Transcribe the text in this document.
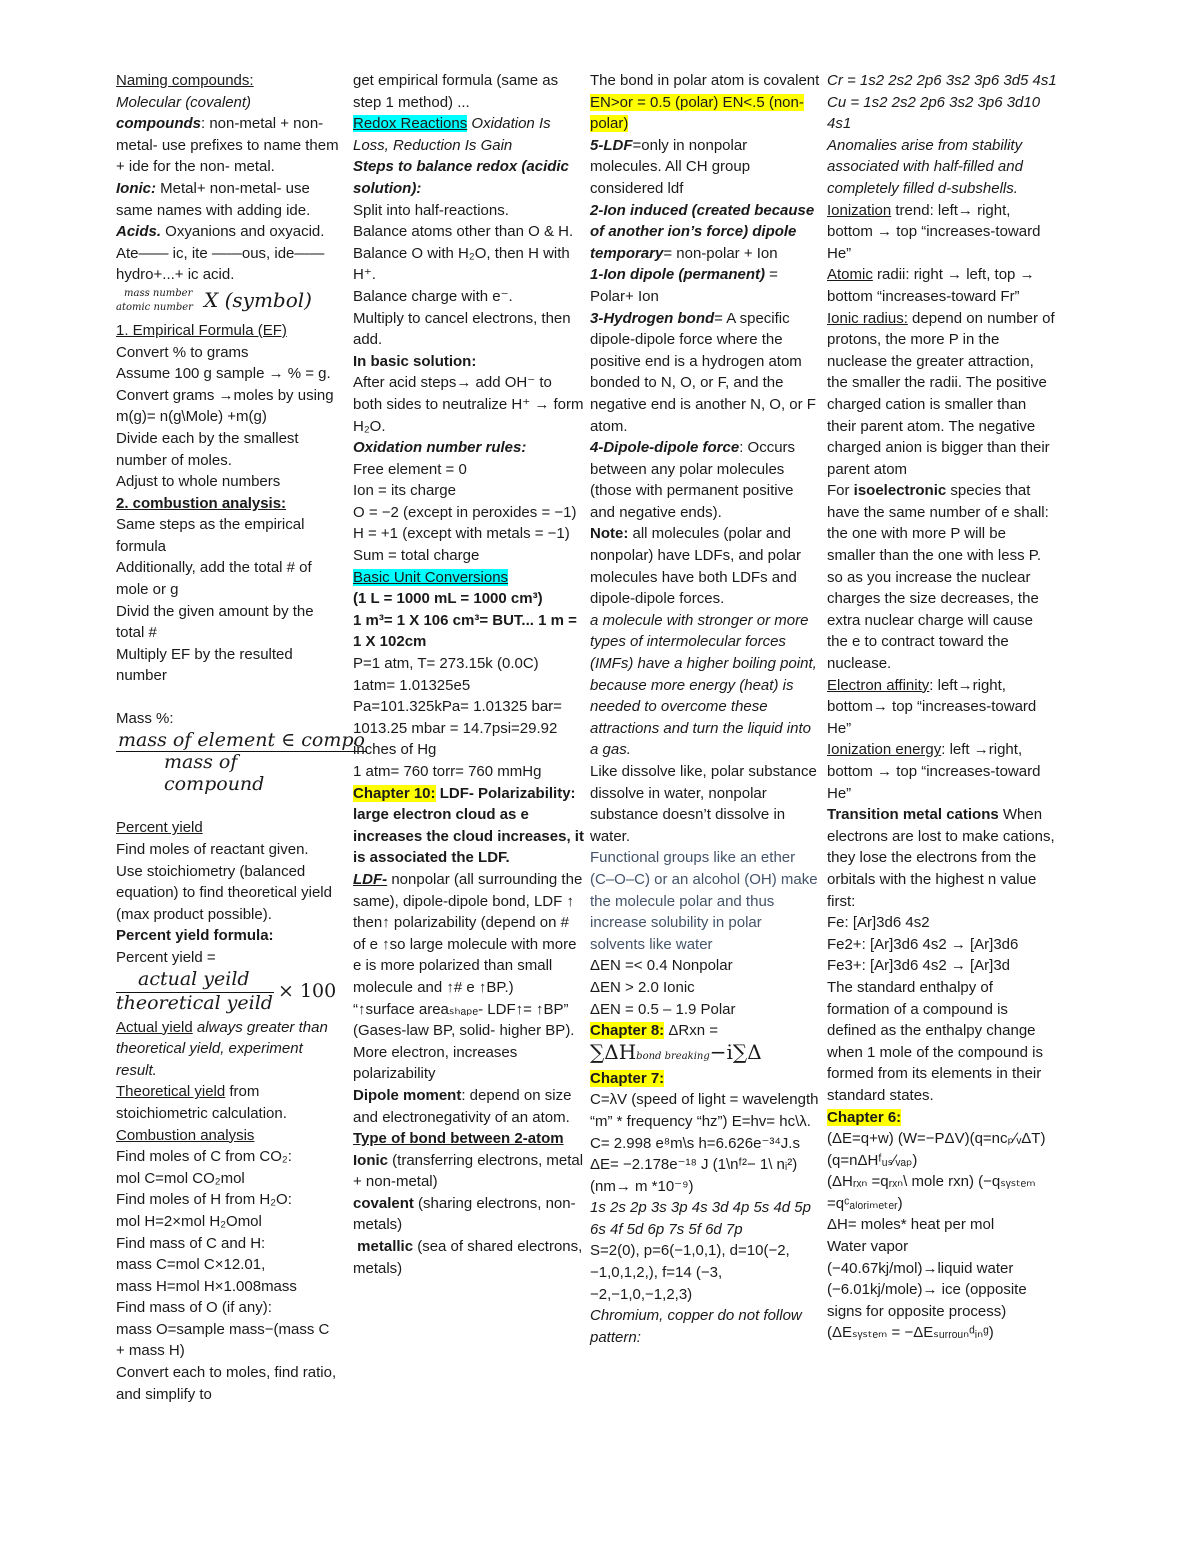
Naming compounds:

Molecular (covalent)

compounds: non-metal + non-metal- use prefixes to name them + ide for the non- metal.

Ionic: Metal+ non-metal- use same names with adding ide.

Acids. Oxyanions and oxyacid. Ate—— ic, ite ——ous, ide—— hydro+...+ ic acid.

mass number
atomic number X (symbol)

1. Empirical Formula (EF)

Convert % to grams

Assume 100 g sample → % = g.

Convert grams →moles by using m(g)= n(g\Mole) +m(g)

Divide each by the smallest number of moles.

Adjust to whole numbers

2. combustion analysis:

Same steps as the empirical formula

Additionally, add the total # of mole or g

Divid the given amount by the total #

Multiply EF by the resulted number

Mass %:

mass of element ∈ compo
mass of compound

Percent yield

Find moles of reactant given.

Use stoichiometry (balanced equation) to find theoretical yield (max product possible).

Percent yield formula:

Percent yield =

actual yeild
theoretical yeild
× 100

Actual yield always greater than theoretical yield, experiment result.

Theoretical yield from stoichiometric calculation.

Combustion analysis

Find moles of C from CO₂:

mol C=mol CO₂mol

Find moles of H from H₂O:

mol H=2×mol H₂Omol

Find mass of C and H:

mass C=mol C×12.01,

mass H=mol H×1.008mass

Find mass of O (if any):

mass O=sample mass−(mass C + mass H)

Convert each to moles, find ratio, and simplify to

get empirical formula (same as step 1 method) ...

Redox Reactions Oxidation Is Loss, Reduction Is Gain

Steps to balance redox (acidic solution):

Split into half-reactions.

Balance atoms other than O & H.

Balance O with H₂O, then H with H⁺.

Balance charge with e⁻.

Multiply to cancel electrons, then add.

In basic solution:

After acid steps→ add OH⁻ to both sides to neutralize H⁺ → form H₂O.

Oxidation number rules:

Free element = 0

Ion = its charge

O = −2 (except in peroxides = −1)

H = +1 (except with metals = −1)

Sum = total charge

Basic Unit Conversions

(1 L = 1000 mL = 1000 cm³)

1 m³= 1 X 106 cm³= BUT... 1 m = 1 X 102cm

P=1 atm, T= 273.15k (0.0C)

1atm= 1.01325e5 Pa=101.325kPa= 1.01325 bar= 1013.25 mbar = 14.7psi=29.92 inches of Hg

1 atm= 760 torr= 760 mmHg

Chapter 10: LDF- Polarizability: large electron cloud as e increases the cloud increases, it is associated the LDF.

LDF- nonpolar (all surrounding the same), dipole-dipole bond, LDF ↑ then↑ polarizability (depend on # of e ↑so large molecule with more e is more polarized than small molecule and ↑# e ↑BP.)

“↑surface areaₛₕₐₚₑ- LDF↑= ↑BP” (Gases-law BP, solid- higher BP). More electron, increases polarizability

Dipole moment: depend on size and electronegativity of an atom.

Type of bond between 2-atom

Ionic (transferring electrons, metal + non-metal)

covalent (sharing electrons, non-metals)

metallic (sea of shared electrons, metals)

The bond in polar atom is covalent

EN>or = 0.5 (polar) EN<.5 (non-polar)

5-LDF=only in nonpolar molecules. All CH group considered ldf

2-Ion induced (created because of another ion’s force) dipole temporary= non-polar + Ion

1-Ion dipole (permanent) = Polar+ Ion

3-Hydrogen bond= A specific dipole-dipole force where the positive end is a hydrogen atom bonded to N, O, or F, and the negative end is another N, O, or F atom.

4-Dipole-dipole force: Occurs between any polar molecules (those with permanent positive and negative ends).

Note: all molecules (polar and nonpolar) have LDFs, and polar molecules have both LDFs and dipole-dipole forces.

a molecule with stronger or more types of intermolecular forces (IMFs) have a higher boiling point, because more energy (heat) is needed to overcome these attractions and turn the liquid into a gas.

Like dissolve like, polar substance dissolve in water, nonpolar substance doesn’t dissolve in water.

Functional groups like an ether (C–O–C) or an alcohol (OH) make the molecule polar and thus increase solubility in polar solvents like water

ΔEN =< 0.4 Nonpolar

ΔEN > 2.0 Ionic

ΔEN = 0.5 – 1.9 Polar

Chapter 8: ΔRxn =

∑ΔHbond breaking−i∑Δ

Chapter 7:

C=λV (speed of light = wavelength “m” * frequency “hz”) E=hv= hc\λ.

C= 2.998 e⁸m\s h=6.626e⁻³⁴J.s

ΔE= −2.178e⁻¹⁸ J (1\nᶠ²− 1\ nᵢ²)

(nm→ m *10⁻⁹)

1s 2s 2p 3s 3p 4s 3d 4p 5s 4d 5p 6s 4f 5d 6p 7s 5f 6d 7p

S=2(0), p=6(−1,0,1), d=10(−2, −1,0,1,2,), f=14 (−3, −2,−1,0,−1,2,3)

Chromium, copper do not follow pattern:

Cr = 1s2 2s2 2p6 3s2 3p6 3d5 4s1

Cu = 1s2 2s2 2p6 3s2 3p6 3d10 4s1

Anomalies arise from stability associated with half-filled and completely filled d-subshells.

Ionization trend: left→ right, bottom → top “increases-toward He”

Atomic radii: right → left, top → bottom “increases-toward Fr”

Ionic radius: depend on number of protons, the more P in the nuclease the greater attraction, the smaller the radii. The positive charged cation is smaller than their parent atom. The negative charged anion is bigger than their parent atom

For isoelectronic species that have the same number of e shall: the one with more P will be smaller than the one with less P. so as you increase the nuclear charges the size decreases, the extra nuclear charge will cause the e to contract toward the nuclease.

Electron affinity: left→right, bottom→ top “increases-toward He”

Ionization energy: left →right, bottom → top “increases-toward He”

Transition metal cations When electrons are lost to make cations, they lose the electrons from the orbitals with the highest n value first:

Fe: [Ar]3d6 4s2

Fe2+: [Ar]3d6 4s2 → [Ar]3d6

Fe3+: [Ar]3d6 4s2 → [Ar]3d

The standard enthalpy of formation of a compound is defined as the enthalpy change when 1 mole of the compound is formed from its elements in their standard states.

Chapter 6:

(ΔE=q+w) (W=−PΔV)(q=ncₚ∕ᵥΔT)

(q=nΔHᶠᵤₛ∕ᵥₐₚ)

(ΔHᵣₓₙ =qᵣₓₙ\ mole rxn) (−qₛᵧₛₜₑₘ =qᶜₐₗₒᵣᵢₘₑₜₑᵣ)

ΔH= moles* heat per mol

Water vapor (−40.67kj/mol)→liquid water (−6.01kj/mole)→ ice (opposite signs for opposite process)

(ΔEₛᵧₛₜₑₘ = −ΔEₛᵤᵣᵣₒᵤₙᵈᵢₙᵍ)
